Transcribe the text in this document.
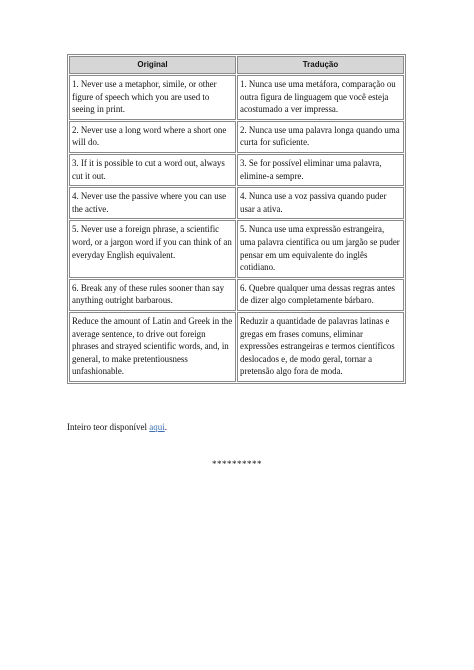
Original	Tradução
1. Never use a metaphor, simile, or other figure of speech which you are used to seeing in print.	1. Nunca use uma metáfora, comparação ou outra figura de linguagem que você esteja acostumado a ver impressa.
2. Never use a long word where a short one will do.	2. Nunca use uma palavra longa quando uma curta for suficiente.
3. If it is possible to cut a word out, always cut it out.	3. Se for possível eliminar uma palavra, elimine-a sempre.
4. Never use the passive where you can use the active.	4. Nunca use a voz passiva quando puder usar a ativa.
5. Never use a foreign phrase, a scientific word, or a jargon word if you can think of an everyday English equivalent.	5. Nunca use uma expressão estrangeira, uma palavra científica ou um jargão se puder pensar em um equivalente do inglês cotidiano.
6. Break any of these rules sooner than say anything outright barbarous.	6. Quebre qualquer uma dessas regras antes de dizer algo completamente bárbaro.
Reduce the amount of Latin and Greek in the average sentence, to drive out foreign phrases and strayed scientific words, and, in general, to make pretentiousness unfashionable.	Reduzir a quantidade de palavras latinas e gregas em frases comuns, eliminar expressões estrangeiras e termos científicos deslocados e, de modo geral, tornar a pretensão algo fora de moda.
Inteiro teor disponível aqui.
**********
